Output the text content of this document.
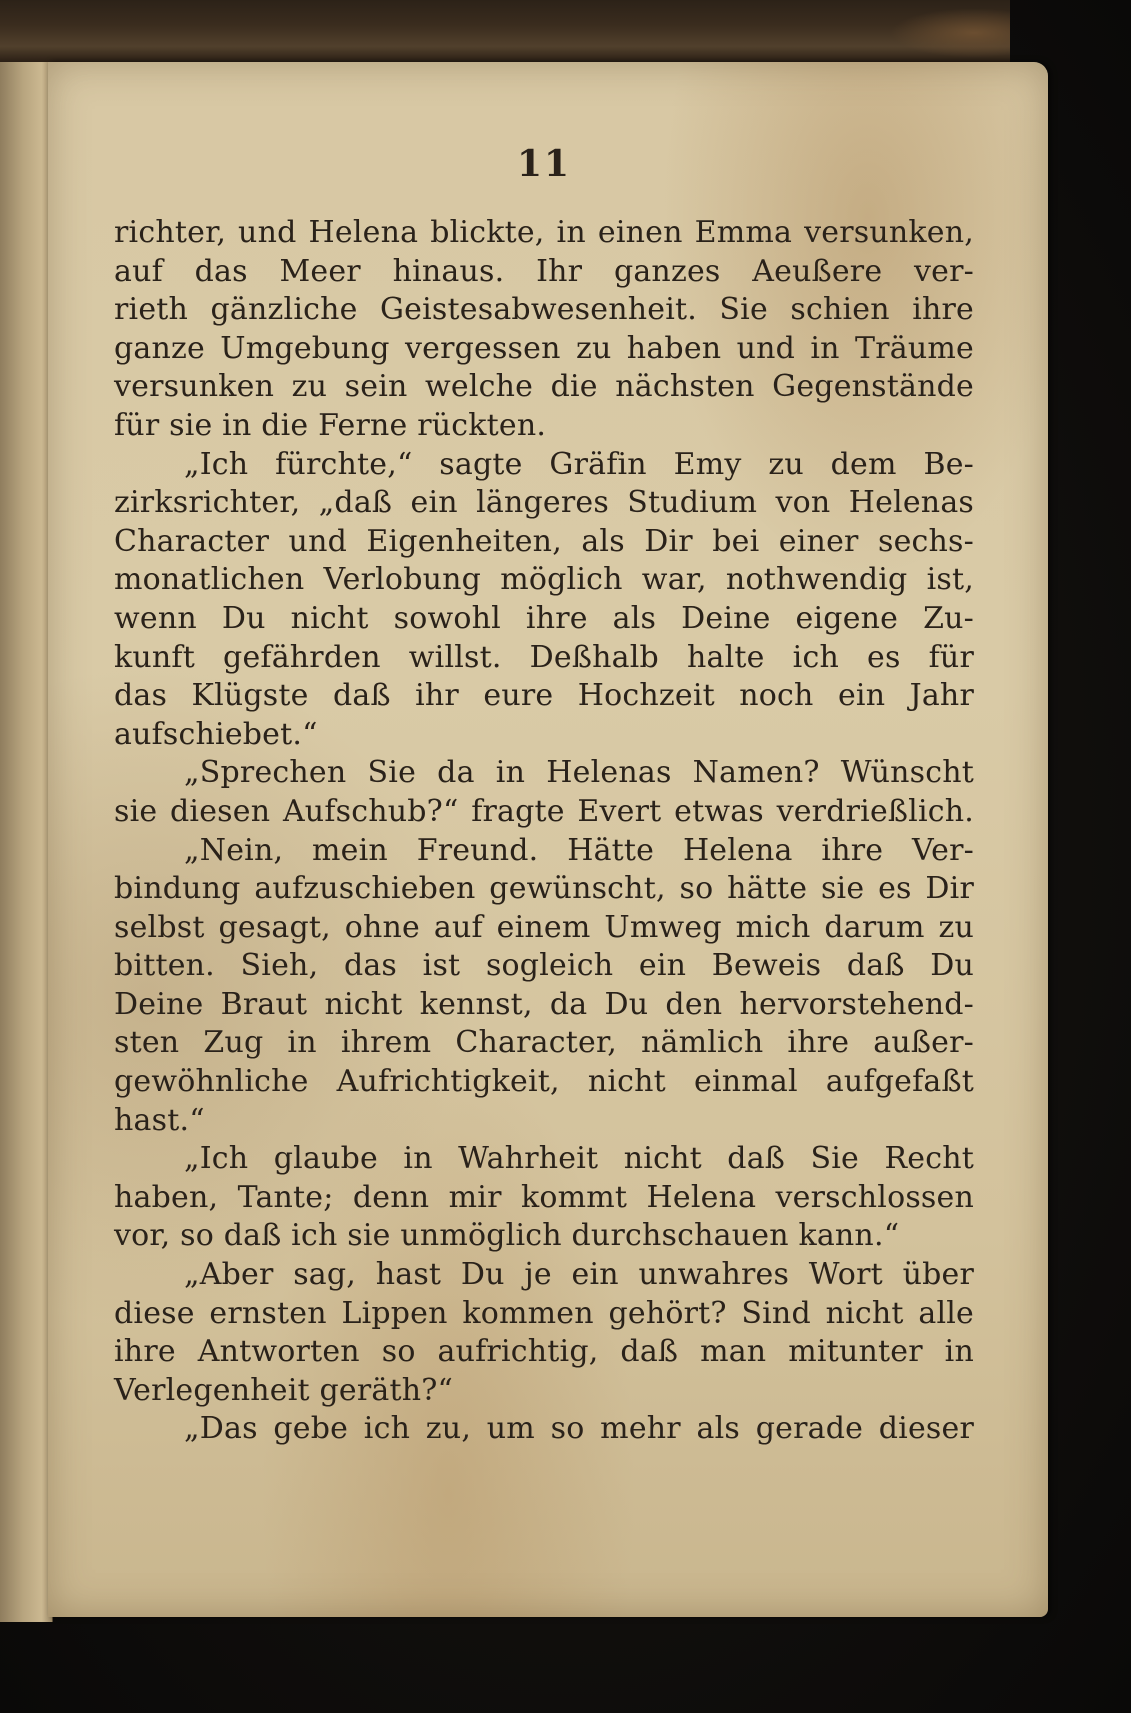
11
richter, und Helena blickte, in einen Emma versunken,
auf das Meer hinaus. Ihr ganzes Aeußere ver-
rieth gänzliche Geistesabwesenheit. Sie schien ihre
ganze Umgebung vergessen zu haben und in Träume
versunken zu sein welche die nächsten Gegenstände
für sie in die Ferne rückten.
„Ich fürchte,“ sagte Gräfin Emy zu dem Be-
zirksrichter, „daß ein längeres Studium von Helenas
Character und Eigenheiten, als Dir bei einer sechs-
monatlichen Verlobung möglich war, nothwendig ist,
wenn Du nicht sowohl ihre als Deine eigene Zu-
kunft gefährden willst. Deßhalb halte ich es für
das Klügste daß ihr eure Hochzeit noch ein Jahr
aufschiebet.“
„Sprechen Sie da in Helenas Namen? Wünscht
sie diesen Aufschub?“ fragte Evert etwas verdrießlich.
„Nein, mein Freund. Hätte Helena ihre Ver-
bindung aufzuschieben gewünscht, so hätte sie es Dir
selbst gesagt, ohne auf einem Umweg mich darum zu
bitten. Sieh, das ist sogleich ein Beweis daß Du
Deine Braut nicht kennst, da Du den hervorstehend-
sten Zug in ihrem Character, nämlich ihre außer-
gewöhnliche Aufrichtigkeit, nicht einmal aufgefaßt
hast.“
„Ich glaube in Wahrheit nicht daß Sie Recht
haben, Tante; denn mir kommt Helena verschlossen
vor, so daß ich sie unmöglich durchschauen kann.“
„Aber sag, hast Du je ein unwahres Wort über
diese ernsten Lippen kommen gehört? Sind nicht alle
ihre Antworten so aufrichtig, daß man mitunter in
Verlegenheit geräth?“
„Das gebe ich zu, um so mehr als gerade dieser
